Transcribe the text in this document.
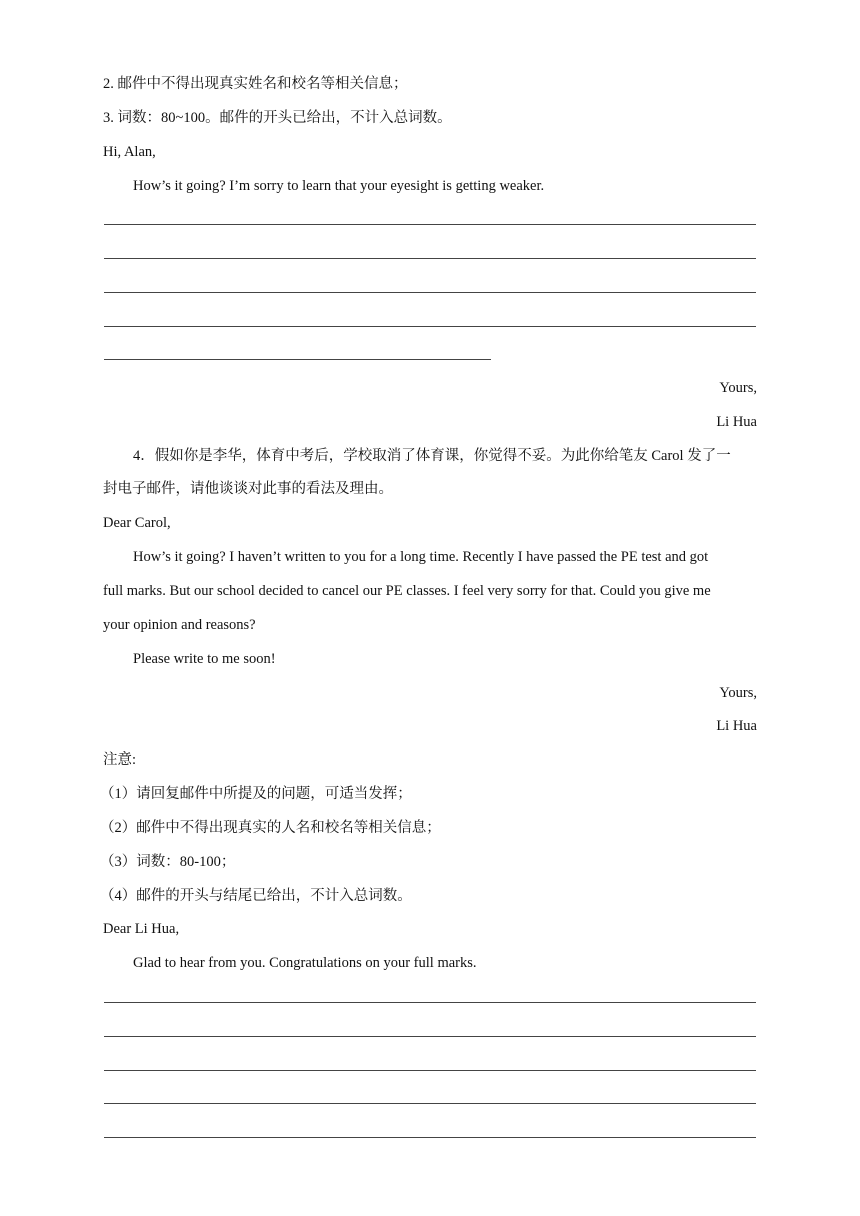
2. 邮件中不得出现真实姓名和校名等相关信息；
3. 词数：80~100。邮件的开头已给出，不计入总词数。
Hi, Alan,
How’s it going? I’m sorry to learn that your eyesight is getting weaker.
Yours,
Li Hua
4．假如你是李华，体育中考后，学校取消了体育课，你觉得不妥。为此你给笔友 Carol 发了一
封电子邮件，请他谈谈对此事的看法及理由。
Dear Carol,
How’s it going? I haven’t written to you for a long time. Recently I have passed the PE test and got
full marks. But our school decided to cancel our PE classes. I feel very sorry for that. Could you give me
your opinion and reasons?
Please write to me soon!
Yours,
Li Hua
注意:
（1）请回复邮件中所提及的问题，可适当发挥；
（2）邮件中不得出现真实的人名和校名等相关信息；
（3）词数：80-100；
（4）邮件的开头与结尾已给出，不计入总词数。
Dear Li Hua,
Glad to hear from you. Congratulations on your full marks.
